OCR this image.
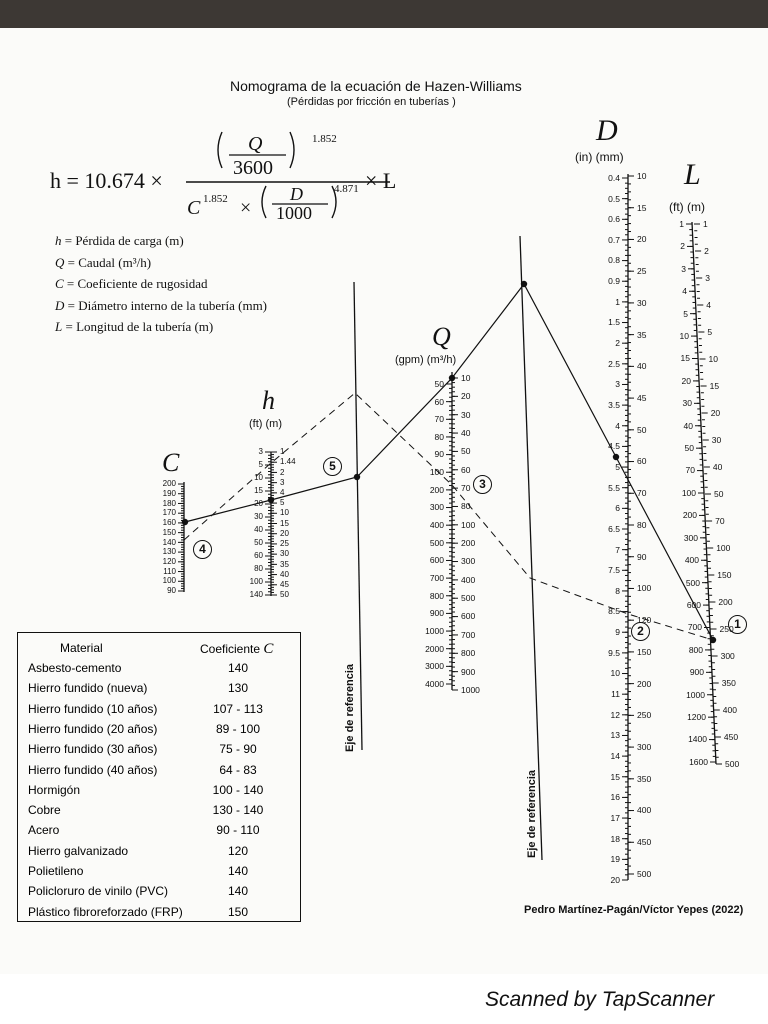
Scanned by TapScanner
Nomograma de la ecuación de Hazen-Williams
(Pérdidas por fricción en tuberías )
h = 10.674 ×
1.852
Q
3600
C 1.852 ×
D
1000
4.871 × L
h = Pérdida de carga (m)
Q = Caudal (m³/h)
C = Coeficiente de rugosidad
D = Diámetro interno de la tubería (mm)
L = Longitud de la tubería (m)
C
h
(ft) (m)
Q
(gpm) (m³/h)
D
(in) (mm)
L
(ft) (m)
200
190
180
170
160
150
140
130
120
110
100
90
3
5
10
15
20
30
40
50
60
80
100
140
1
1.44
2
3
4
5
10
15
20
25
30
35
40
45
50
50
60
70
80
90
100
200
300
400
500
600
700
800
900
1000
2000
3000
4000
10
20
30
40
50
60
70
80
100
200
300
400
500
600
700
800
900
1000
0.4
0.5
0.6
0.7
0.8
0.9
1
1.5
2
2.5
3
3.5
4
4.5
5
5.5
6
6.5
7
7.5
8
8.5
9
9.5
10
11
12
13
14
15
16
17
18
19
20
10
15
20
25
30
35
40
45
50
60
70
80
90
100
120
150
200
250
300
350
400
450
500
1
2
3
4
5
10
15
20
30
40
50
70
100
200
300
400
500
600
700
800
900
1000
1200
1400
1600
1
2
3
4
5
10
15
20
30
40
50
70
100
150
200
250
300
350
400
450
500
1
2
3
4
5
Eje de referencia
Eje de referencia
Material	Coeficiente C
Asbesto-cemento	140
Hierro fundido (nueva)	130
Hierro fundido (10 años)	107 - 113
Hierro fundido (20 años)	89 - 100
Hierro fundido (30 años)	75 - 90
Hierro fundido (40 años)	64 - 83
Hormigón	100 - 140
Cobre	130 - 140
Acero	90 - 110
Hierro galvanizado	120
Polietileno	140
Policloruro de vinilo (PVC)	140
Plástico fibroreforzado (FRP)	150	Pedro Martínez-Pagán/Víctor Yepes (2022)
